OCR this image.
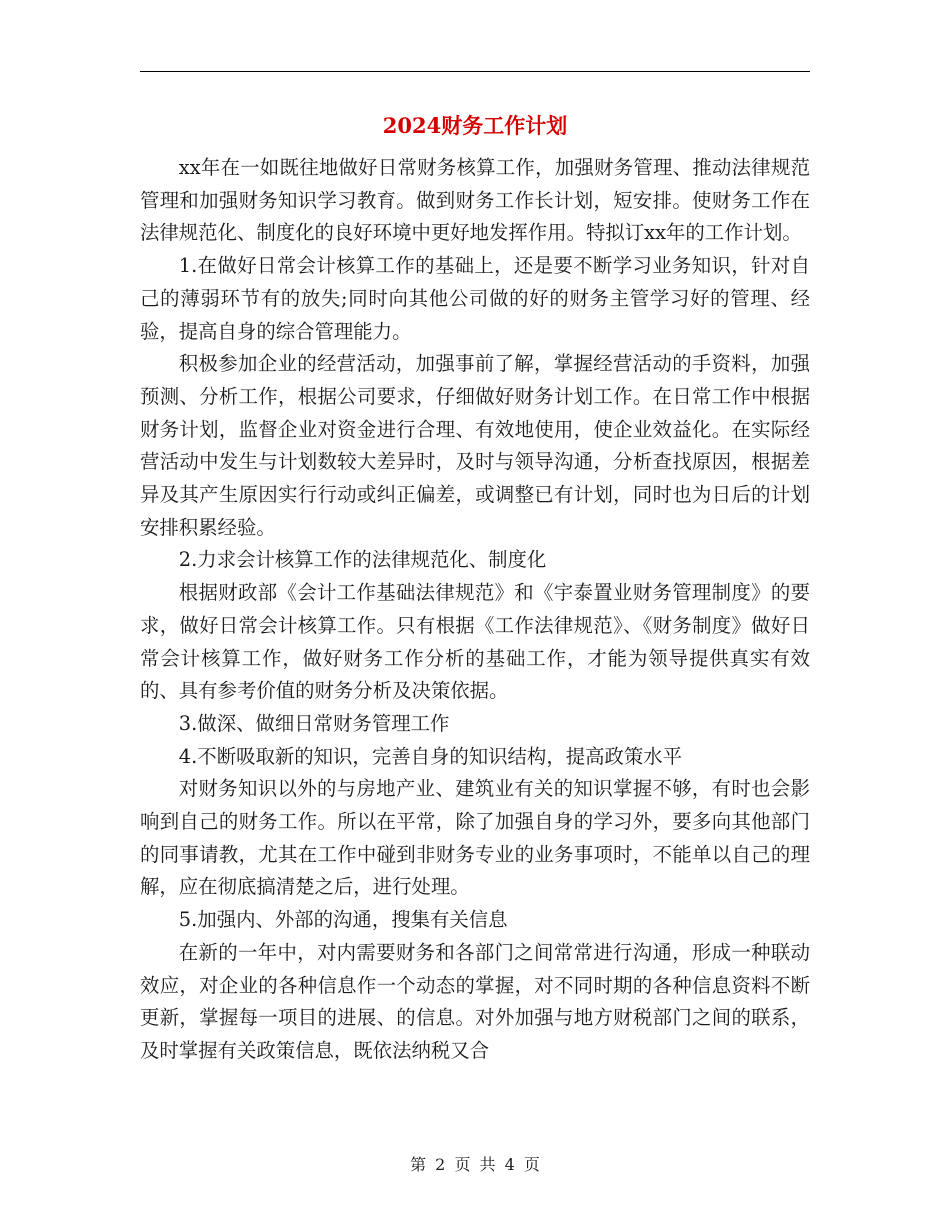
2024财务工作计划

xx年在一如既往地做好日常财务核算工作，加强财务管理、推动法律规范管理和加强财务知识学习教育。做到财务工作长计划，短安排。使财务工作在法律规范化、制度化的良好环境中更好地发挥作用。特拟订xx年的工作计划。

1.在做好日常会计核算工作的基础上，还是要不断学习业务知识，针对自己的薄弱环节有的放失;同时向其他公司做的好的财务主管学习好的管理、经验，提高自身的综合管理能力。

积极参加企业的经营活动，加强事前了解，掌握经营活动的手资料，加强预测、分析工作，根据公司要求，仔细做好财务计划工作。在日常工作中根据财务计划，监督企业对资金进行合理、有效地使用，使企业效益化。在实际经营活动中发生与计划数较大差异时，及时与领导沟通，分析查找原因，根据差异及其产生原因实行行动或纠正偏差，或调整已有计划，同时也为日后的计划安排积累经验。

2.力求会计核算工作的法律规范化、制度化

根据财政部《会计工作基础法律规范》和《宇泰置业财务管理制度》的要求，做好日常会计核算工作。只有根据《工作法律规范》、《财务制度》做好日常会计核算工作，做好财务工作分析的基础工作，才能为领导提供真实有效的、具有参考价值的财务分析及决策依据。

3.做深、做细日常财务管理工作

4.不断吸取新的知识，完善自身的知识结构，提高政策水平

对财务知识以外的与房地产业、建筑业有关的知识掌握不够，有时也会影响到自己的财务工作。所以在平常，除了加强自身的学习外，要多向其他部门的同事请教，尤其在工作中碰到非财务专业的业务事项时，不能单以自己的理解，应在彻底搞清楚之后，进行处理。

5.加强内、外部的沟通，搜集有关信息

在新的一年中，对内需要财务和各部门之间常常进行沟通，形成一种联动效应，对企业的各种信息作一个动态的掌握，对不同时期的各种信息资料不断更新，掌握每一项目的进展、的信息。对外加强与地方财税部门之间的联系，及时掌握有关政策信息，既依法纳税又合

第 2 页 共 4 页
